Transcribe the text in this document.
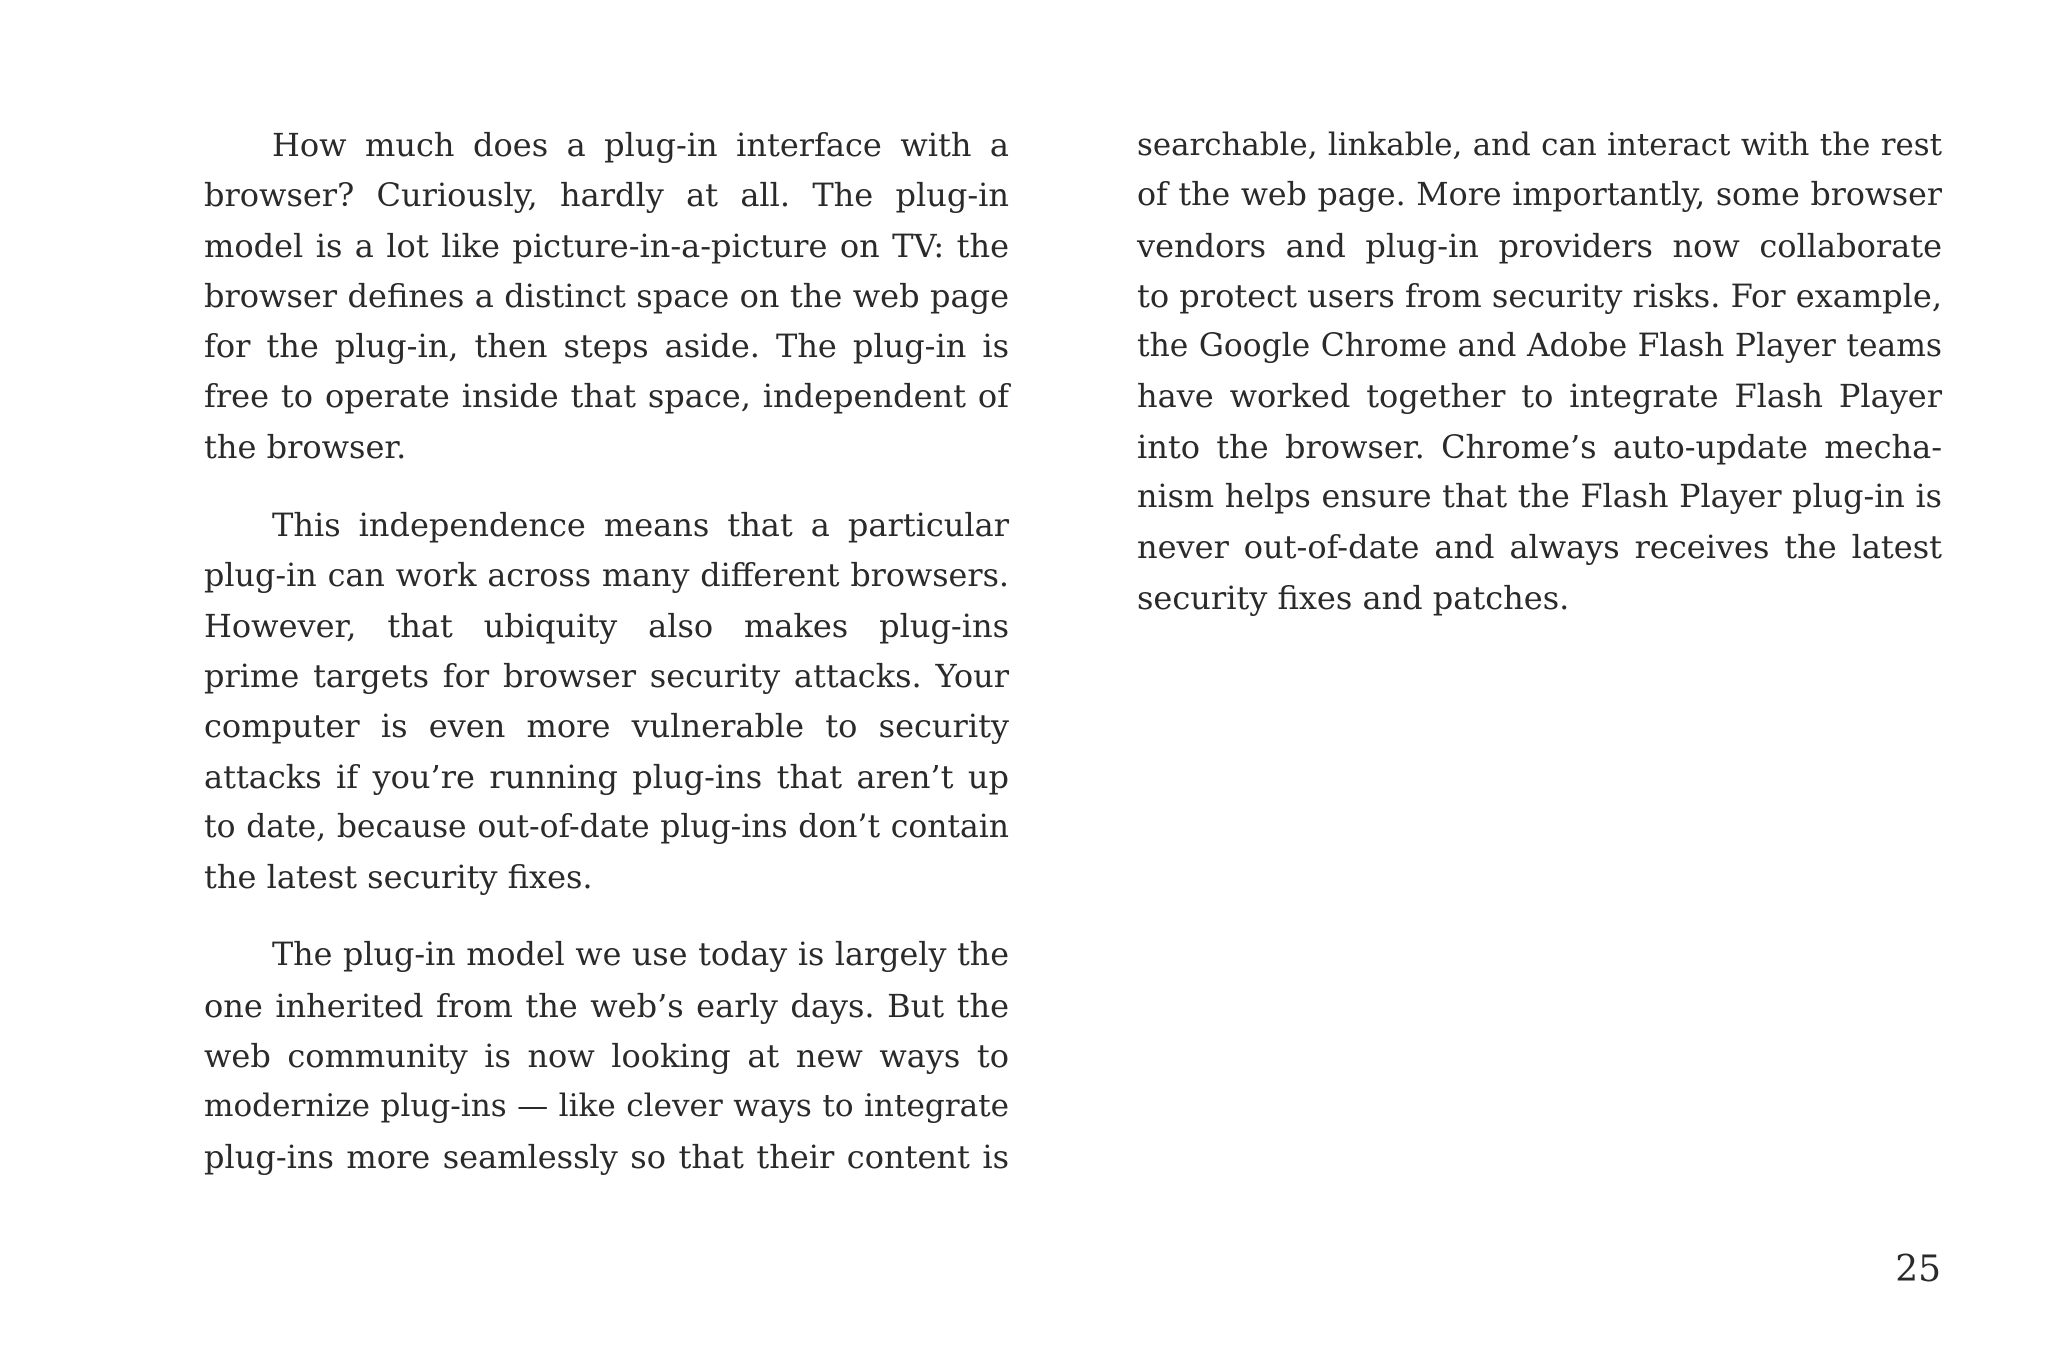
How much does a plug-in interface with a
browser? Curiously, hardly at all. The plug-in
model is a lot like picture-in-a-picture on TV: the
browser defines a distinct space on the web page
for the plug-in, then steps aside. The plug-in is
free to operate inside that space, independent of
the browser.
This independence means that a particular
plug-in can work across many different browsers.
However, that ubiquity also makes plug-ins
prime targets for browser security attacks. Your
computer is even more vulnerable to security
attacks if you’re running plug-ins that aren’t up
to date, because out-of-date plug-ins don’t contain
the latest security fixes.
The plug-in model we use today is largely the
one inherited from the web’s early days. But the
web community is now looking at new ways to
modernize plug-ins — like clever ways to integrate
plug-ins more seamlessly so that their content is
searchable, linkable, and can interact with the rest
of the web page. More importantly, some browser
vendors and plug-in providers now collaborate
to protect users from security risks. For example,
the Google Chrome and Adobe Flash Player teams
have worked together to integrate Flash Player
into the browser. Chrome’s auto-update mecha-
nism helps ensure that the Flash Player plug-in is
never out-of-date and always receives the latest
security fixes and patches.
25
